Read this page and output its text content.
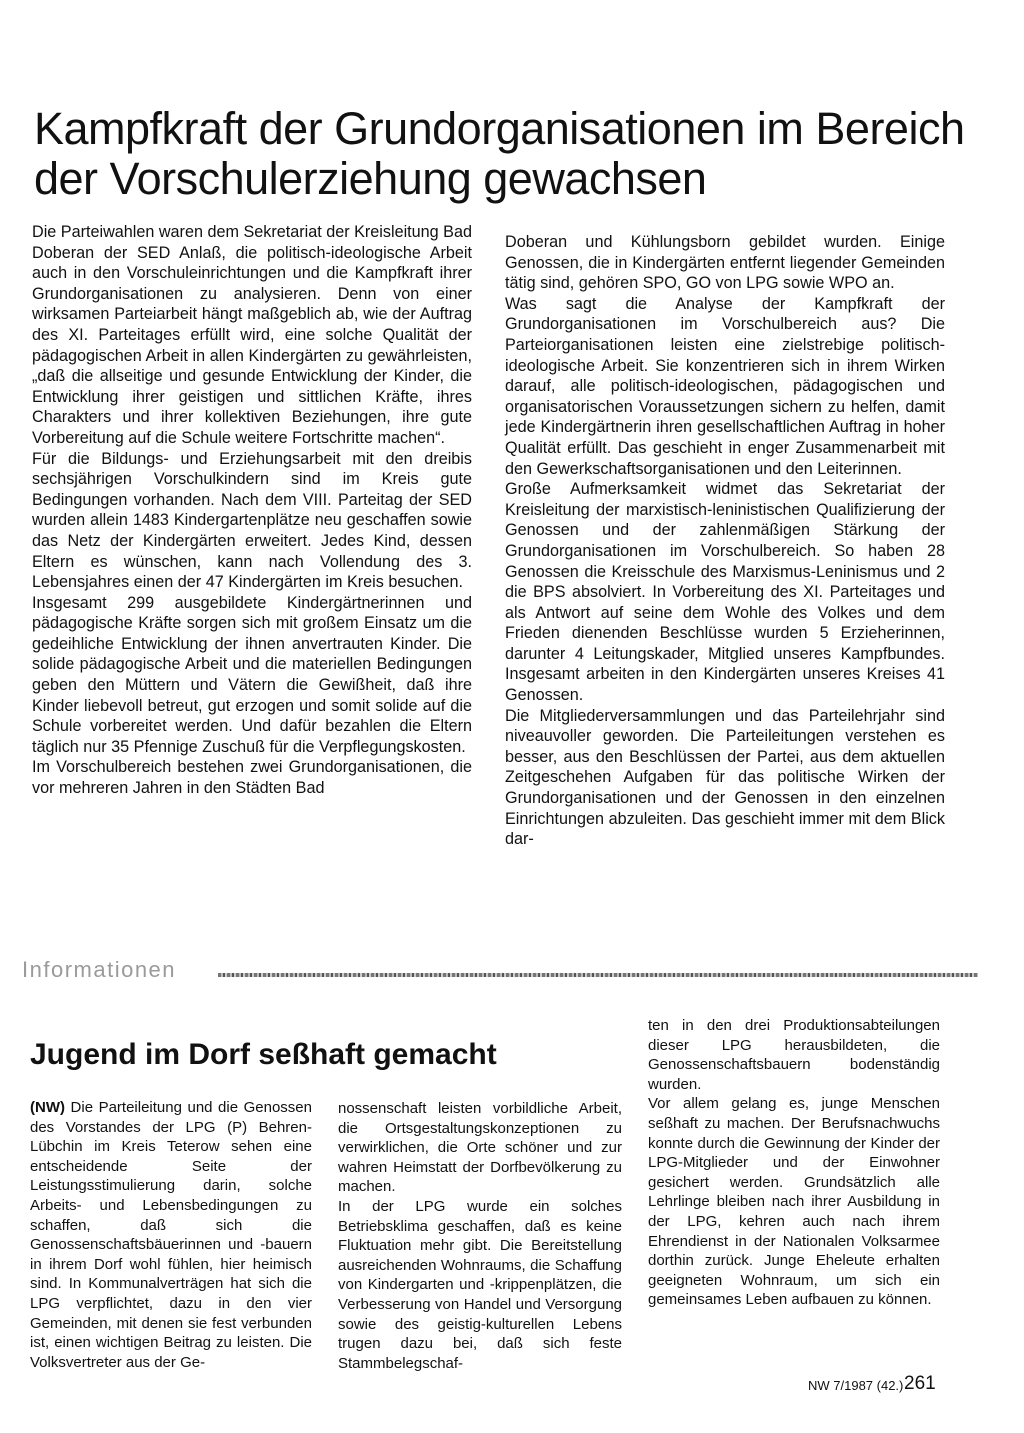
Kampfkraft der Grundorganisationen im Bereich der Vorschulerziehung gewachsen

Die Parteiwahlen waren dem Sekretariat der Kreisleitung Bad Doberan der SED Anlaß, die politisch-ideologische Arbeit auch in den Vorschuleinrichtungen und die Kampfkraft ihrer Grundorganisationen zu analysieren. Denn von einer wirksamen Parteiarbeit hängt maßgeblich ab, wie der Auftrag des XI. Parteitages erfüllt wird, eine solche Qualität der pädagogischen Arbeit in allen Kindergärten zu gewährleisten, „daß die allseitige und gesunde Entwicklung der Kinder, die Entwicklung ihrer geistigen und sittlichen Kräfte, ihres Charakters und ihrer kollektiven Beziehungen, ihre gute Vorbereitung auf die Schule weitere Fortschritte machen“.

Für die Bildungs- und Erziehungsarbeit mit den dreibis sechsjährigen Vorschulkindern sind im Kreis gute Bedingungen vorhanden. Nach dem VIII. Parteitag der SED wurden allein 1483 Kindergartenplätze neu geschaffen sowie das Netz der Kindergärten erweitert. Jedes Kind, dessen Eltern es wünschen, kann nach Vollendung des 3. Lebensjahres einen der 47 Kindergärten im Kreis besuchen.

Insgesamt 299 ausgebildete Kindergärtnerinnen und pädagogische Kräfte sorgen sich mit großem Einsatz um die gedeihliche Entwicklung der ihnen anvertrauten Kinder. Die solide pädagogische Arbeit und die materiellen Bedingungen geben den Müttern und Vätern die Gewißheit, daß ihre Kinder liebevoll betreut, gut erzogen und somit solide auf die Schule vorbereitet werden. Und dafür bezahlen die Eltern täglich nur 35 Pfennige Zuschuß für die Verpflegungskosten.

Im Vorschulbereich bestehen zwei Grundorganisationen, die vor mehreren Jahren in den Städten Bad

Doberan und Kühlungsborn gebildet wurden. Einige Genossen, die in Kindergärten entfernt liegender Gemeinden tätig sind, gehören SPO, GO von LPG sowie WPO an.

Was sagt die Analyse der Kampfkraft der Grundorganisationen im Vorschulbereich aus? Die Parteiorganisationen leisten eine zielstrebige politisch-ideologische Arbeit. Sie konzentrieren sich in ihrem Wirken darauf, alle politisch-ideologischen, pädagogischen und organisatorischen Voraussetzungen sichern zu helfen, damit jede Kindergärtnerin ihren gesellschaftlichen Auftrag in hoher Qualität erfüllt. Das geschieht in enger Zusammenarbeit mit den Gewerkschaftsorganisationen und den Leiterinnen.

Große Aufmerksamkeit widmet das Sekretariat der Kreisleitung der marxistisch-leninistischen Qualifizierung der Genossen und der zahlenmäßigen Stärkung der Grundorganisationen im Vorschulbereich. So haben 28 Genossen die Kreisschule des Marxismus-Leninismus und 2 die BPS absolviert. In Vorbereitung des XI. Parteitages und als Antwort auf seine dem Wohle des Volkes und dem Frieden dienenden Beschlüsse wurden 5 Erzieherinnen, darunter 4 Leitungskader, Mitglied unseres Kampfbundes. Insgesamt arbeiten in den Kindergärten unseres Kreises 41 Genossen.

Die Mitgliederversammlungen und das Parteilehrjahr sind niveauvoller geworden. Die Parteileitungen verstehen es besser, aus den Beschlüssen der Partei, aus dem aktuellen Zeitgeschehen Aufgaben für das politische Wirken der Grundorganisationen und der Genossen in den einzelnen Einrichtungen abzuleiten. Das geschieht immer mit dem Blick dar-

Informationen
Jugend im Dorf seßhaft gemacht

(NW) Die Parteileitung und die Genossen des Vorstandes der LPG (P) Behren-Lübchin im Kreis Teterow sehen eine entscheidende Seite der Leistungsstimulierung darin, solche Arbeits- und Lebensbedingungen zu schaffen, daß sich die Genossenschaftsbäuerinnen und -bauern in ihrem Dorf wohl fühlen, hier heimisch sind. In Kommunalverträgen hat sich die LPG verpflichtet, dazu in den vier Gemeinden, mit denen sie fest verbunden ist, einen wichtigen Beitrag zu leisten. Die Volksvertreter aus der Ge-

nossenschaft leisten vorbildliche Arbeit, die Ortsgestaltungskonzeptionen zu verwirklichen, die Orte schöner und zur wahren Heimstatt der Dorfbevölkerung zu machen.

In der LPG wurde ein solches Betriebsklima geschaffen, daß es keine Fluktuation mehr gibt. Die Bereitstellung ausreichenden Wohnraums, die Schaffung von Kindergarten und -krippenplätzen, die Verbesserung von Handel und Versorgung sowie des geistig-kulturellen Lebens trugen dazu bei, daß sich feste Stammbelegschaf-

ten in den drei Produktionsabteilungen dieser LPG herausbildeten, die Genossenschaftsbauern bodenständig wurden.

Vor allem gelang es, junge Menschen seßhaft zu machen. Der Berufsnachwuchs konnte durch die Gewinnung der Kinder der LPG-Mitglieder und der Einwohner gesichert werden. Grundsätzlich alle Lehrlinge bleiben nach ihrer Ausbildung in der LPG, kehren auch nach ihrem Ehrendienst in der Nationalen Volksarmee dorthin zurück. Junge Eheleute erhalten geeigneten Wohnraum, um sich ein gemeinsames Leben aufbauen zu können.

NW 7/1987 (42.) 261
